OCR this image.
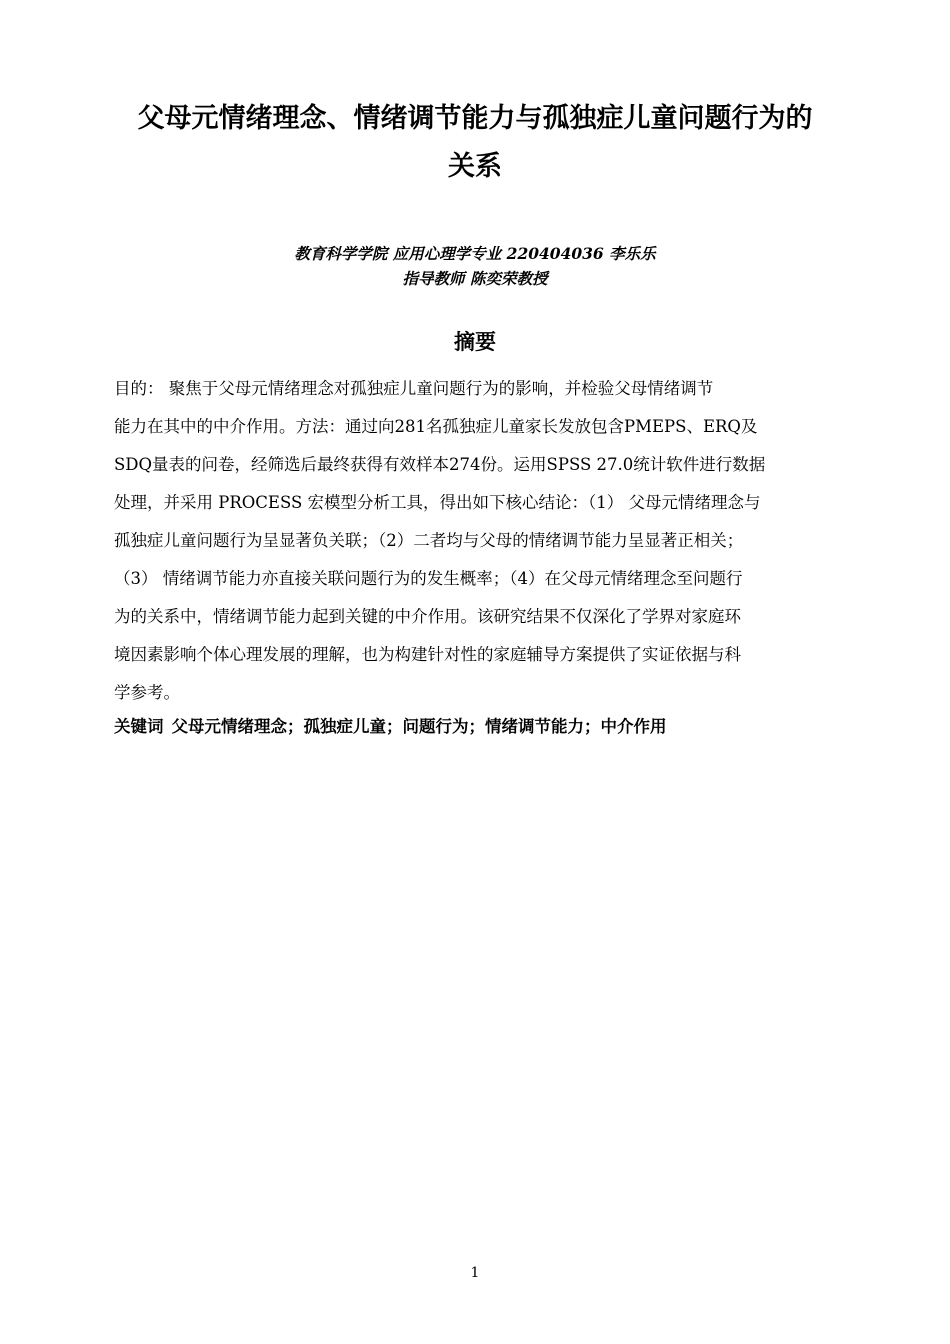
父母元情绪理念、情绪调节能力与孤独症儿童问题行为的
关系
教育科学学院 应用心理学专业 220404036 李乐乐
指导教师 陈奕荣教授
摘要
目的： 聚焦于父母元情绪理念对孤独症儿童问题行为的影响，并检验父母情绪调节
能力在其中的中介作用。方法：通过向281名孤独症儿童家长发放包含PMEPS、ERQ及
SDQ量表的问卷，经筛选后最终获得有效样本274份。运用SPSS 27.0统计软件进行数据
处理，并采用 PROCESS 宏模型分析工具，得出如下核心结论：（1） 父母元情绪理念与
孤独症儿童问题行为呈显著负关联；（2）二者均与父母的情绪调节能力呈显著正相关；
（3） 情绪调节能力亦直接关联问题行为的发生概率；（4）在父母元情绪理念至问题行
为的关系中，情绪调节能力起到关键的中介作用。该研究结果不仅深化了学界对家庭环
境因素影响个体心理发展的理解，也为构建针对性的家庭辅导方案提供了实证依据与科
学参考。
关键词 父母元情绪理念；孤独症儿童；问题行为；情绪调节能力；中介作用
1
